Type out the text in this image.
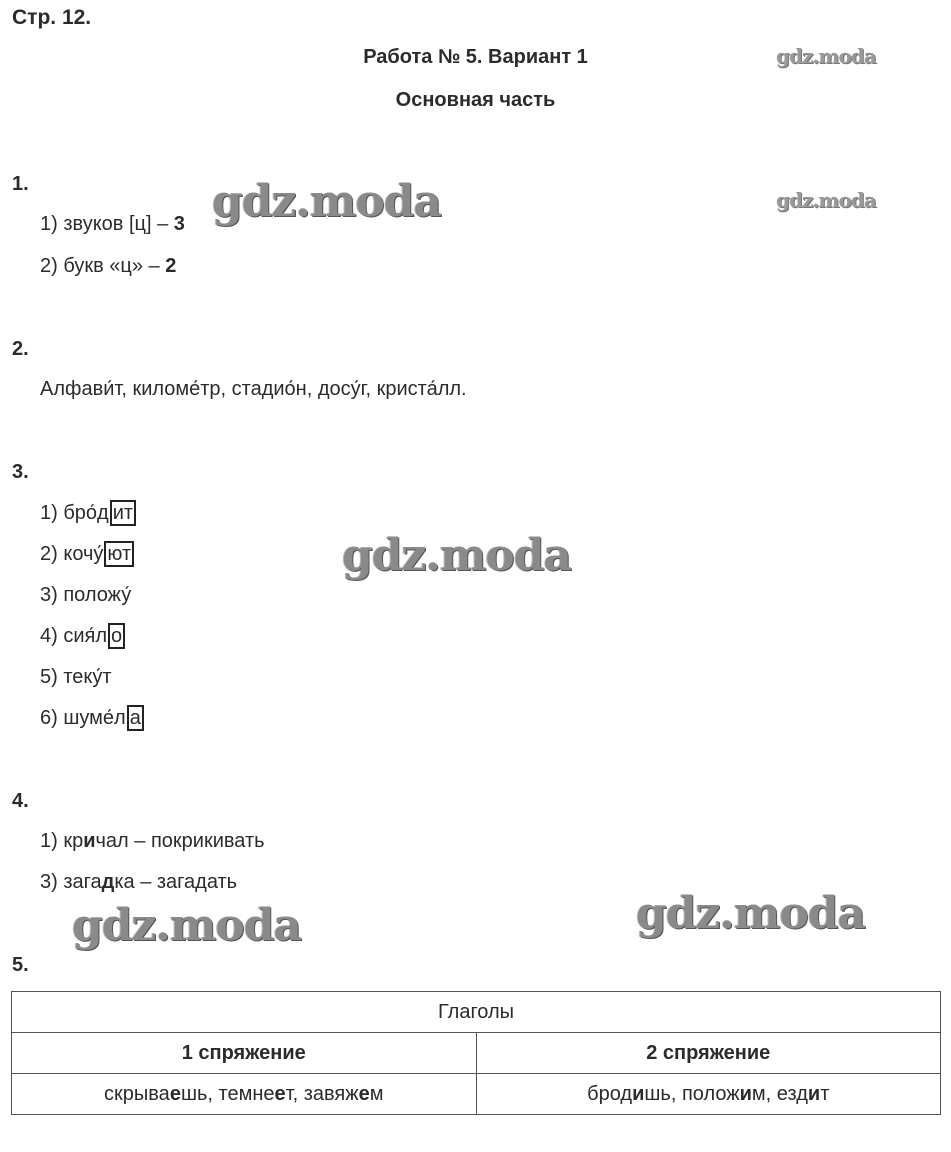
Стр. 12.
Работа № 5. Вариант 1
Основная часть
gdz.moda
gdz.moda
gdz.moda
gdz.moda
gdz.moda	gdz.moda
1.
1) звуков [ц] – 3
2) букв «ц» – 2
2.
Алфави́т, киломе́тр, стадио́н, досу́г, криста́лл.
3.
1) бро́д ит
2) кочу́ ют
3) положу́
4) сия́л о
5) теку́т
6) шуме́л а
4.
1) кричал – покрикивать
3) загадка – загадать
5.
Глаголы	
1 спряжение	2 спряжение
скрываешь, темнеет, завяжем	бродишь, положим, ездит
